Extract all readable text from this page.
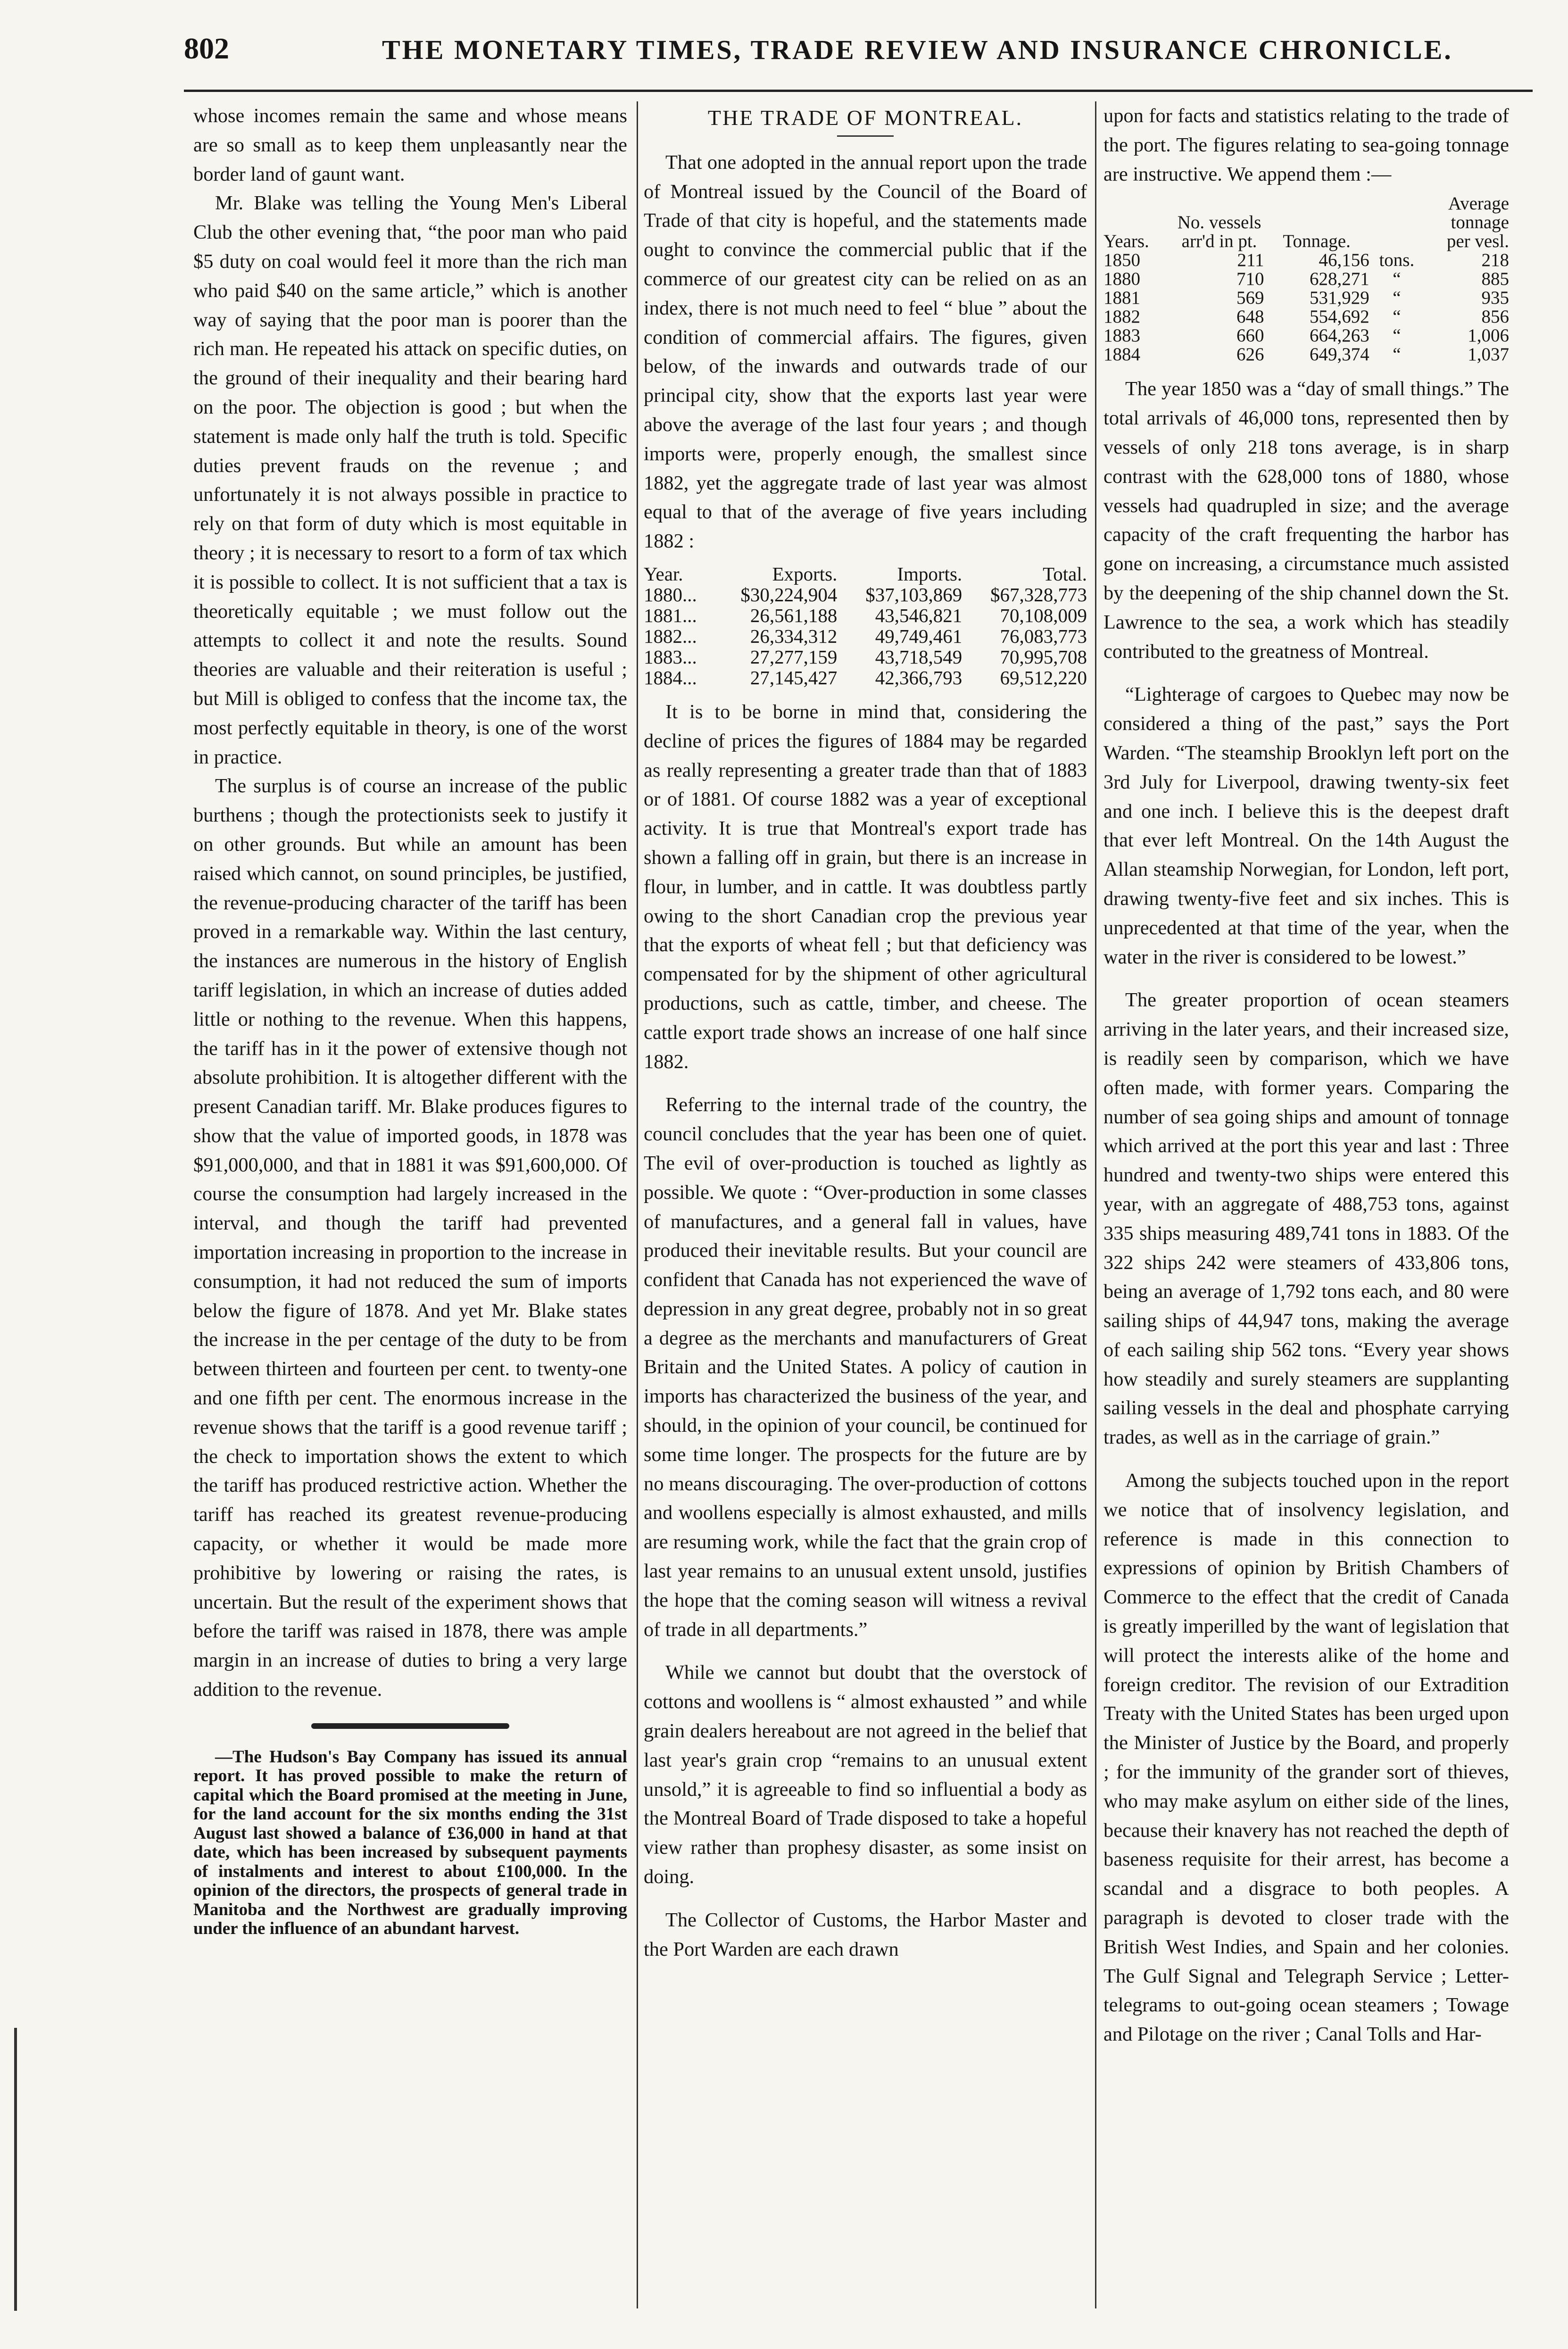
802	THE MONETARY TIMES, TRADE REVIEW AND INSURANCE CHRONICLE.

whose incomes remain the same and whose means are so small as to keep them unpleasantly near the border land of gaunt want.

Mr. Blake was telling the Young Men's Liberal Club the other evening that, “the poor man who paid $5 duty on coal would feel it more than the rich man who paid $40 on the same article,” which is another way of saying that the poor man is poorer than the rich man. He repeated his attack on specific duties, on the ground of their inequality and their bearing hard on the poor. The objection is good ; but when the statement is made only half the truth is told. Specific duties prevent frauds on the revenue ; and unfortunately it is not always possible in practice to rely on that form of duty which is most equitable in theory ; it is necessary to resort to a form of tax which it is possible to collect. It is not sufficient that a tax is theoretically equitable ; we must follow out the attempts to collect it and note the results. Sound theories are valuable and their reiteration is useful ; but Mill is obliged to confess that the income tax, the most perfectly equitable in theory, is one of the worst in practice.

The surplus is of course an increase of the public burthens ; though the protectionists seek to justify it on other grounds. But while an amount has been raised which cannot, on sound principles, be justified, the revenue-producing character of the tariff has been proved in a remarkable way. Within the last century, the instances are numerous in the history of English tariff legislation, in which an increase of duties added little or nothing to the revenue. When this happens, the tariff has in it the power of extensive though not absolute prohibition. It is altogether different with the present Canadian tariff. Mr. Blake produces figures to show that the value of imported goods, in 1878 was $91,000,000, and that in 1881 it was $91,600,000. Of course the consumption had largely increased in the interval, and though the tariff had prevented importation increasing in proportion to the increase in consumption, it had not reduced the sum of imports below the figure of 1878. And yet Mr. Blake states the increase in the per centage of the duty to be from between thirteen and fourteen per cent. to twenty-one and one fifth per cent. The enormous increase in the revenue shows that the tariff is a good revenue tariff ; the check to importation shows the extent to which the tariff has produced restrictive action. Whether the tariff has reached its greatest revenue-producing capacity, or whether it would be made more prohibitive by lowering or raising the rates, is uncertain. But the result of the experiment shows that before the tariff was raised in 1878, there was ample margin in an increase of duties to bring a very large addition to the revenue.

—The Hudson's Bay Company has issued its annual report. It has proved possible to make the return of capital which the Board promised at the meeting in June, for the land account for the six months ending the 31st August last showed a balance of £36,000 in hand at that date, which has been increased by subsequent payments of instalments and interest to about £100,000. In the opinion of the directors, the prospects of general trade in Manitoba and the Northwest are gradually improving under the influence of an abundant harvest.

THE TRADE OF MONTREAL.

That one adopted in the annual report upon the trade of Montreal issued by the Council of the Board of Trade of that city is hopeful, and the statements made ought to convince the commercial public that if the commerce of our greatest city can be relied on as an index, there is not much need to feel “ blue ” about the condition of commercial affairs. The figures, given below, of the inwards and outwards trade of our principal city, show that the exports last year were above the average of the last four years ; and though imports were, properly enough, the smallest since 1882, yet the aggregate trade of last year was almost equal to that of the average of five years including 1882 :

Year.	Exports.	Imports.	Total.
1880...	$30,224,904	$37,103,869	$67,328,773
1881...	26,561,188	43,546,821	70,108,009
1882...	26,334,312	49,749,461	76,083,773
1883...	27,277,159	43,718,549	70,995,708
1884...	27,145,427	42,366,793	69,512,220

It is to be borne in mind that, considering the decline of prices the figures of 1884 may be regarded as really representing a greater trade than that of 1883 or of 1881. Of course 1882 was a year of exceptional activity. It is true that Montreal's export trade has shown a falling off in grain, but there is an increase in flour, in lumber, and in cattle. It was doubtless partly owing to the short Canadian crop the previous year that the exports of wheat fell ; but that deficiency was compensated for by the shipment of other agricultural productions, such as cattle, timber, and cheese. The cattle export trade shows an increase of one half since 1882.

Referring to the internal trade of the country, the council concludes that the year has been one of quiet. The evil of over-production is touched as lightly as possible. We quote : “Over-production in some classes of manufactures, and a general fall in values, have produced their inevitable results. But your council are confident that Canada has not experienced the wave of depression in any great degree, probably not in so great a degree as the merchants and manufacturers of Great Britain and the United States. A policy of caution in imports has characterized the business of the year, and should, in the opinion of your council, be continued for some time longer. The prospects for the future are by no means discouraging. The over-production of cottons and woollens especially is almost exhausted, and mills are resuming work, while the fact that the grain crop of last year remains to an unusual extent unsold, justifies the hope that the coming season will witness a revival of trade in all departments.”

While we cannot but doubt that the overstock of cottons and woollens is “ almost exhausted ” and while grain dealers hereabout are not agreed in the belief that last year's grain crop “remains to an unusual extent unsold,” it is agreeable to find so influential a body as the Montreal Board of Trade disposed to take a hopeful view rather than prophesy disaster, as some insist on doing.

The Collector of Customs, the Harbor Master and the Port Warden are each drawn

upon for facts and statistics relating to the trade of the port. The figures relating to sea-going tonnage are instructive. We append them :—

Years.	No. vessels arr'd in pt.	Tonnage.		Average tonnage per vesl.
1850	211	46,156	tons.	218
1880	710	628,271	“	885
1881	569	531,929	“	935
1882	648	554,692	“	856
1883	660	664,263	“	1,006
1884	626	649,374	“	1,037

The year 1850 was a “day of small things.” The total arrivals of 46,000 tons, represented then by vessels of only 218 tons average, is in sharp contrast with the 628,000 tons of 1880, whose vessels had quadrupled in size; and the average capacity of the craft frequenting the harbor has gone on increasing, a circumstance much assisted by the deepening of the ship channel down the St. Lawrence to the sea, a work which has steadily contributed to the greatness of Montreal.

“Lighterage of cargoes to Quebec may now be considered a thing of the past,” says the Port Warden. “The steamship Brooklyn left port on the 3rd July for Liverpool, drawing twenty-six feet and one inch. I believe this is the deepest draft that ever left Montreal. On the 14th August the Allan steamship Norwegian, for London, left port, drawing twenty-five feet and six inches. This is unprecedented at that time of the year, when the water in the river is considered to be lowest.”

The greater proportion of ocean steamers arriving in the later years, and their increased size, is readily seen by comparison, which we have often made, with former years. Comparing the number of sea going ships and amount of tonnage which arrived at the port this year and last : Three hundred and twenty-two ships were entered this year, with an aggregate of 488,753 tons, against 335 ships measuring 489,741 tons in 1883. Of the 322 ships 242 were steamers of 433,806 tons, being an average of 1,792 tons each, and 80 were sailing ships of 44,947 tons, making the average of each sailing ship 562 tons. “Every year shows how steadily and surely steamers are supplanting sailing vessels in the deal and phosphate carrying trades, as well as in the carriage of grain.”

Among the subjects touched upon in the report we notice that of insolvency legislation, and reference is made in this connection to expressions of opinion by British Chambers of Commerce to the effect that the credit of Canada is greatly imperilled by the want of legislation that will protect the interests alike of the home and foreign creditor. The revision of our Extradition Treaty with the United States has been urged upon the Minister of Justice by the Board, and properly ; for the immunity of the grander sort of thieves, who may make asylum on either side of the lines, because their knavery has not reached the depth of baseness requisite for their arrest, has become a scandal and a disgrace to both peoples. A paragraph is devoted to closer trade with the British West Indies, and Spain and her colonies. The Gulf Signal and Telegraph Service ; Letter-telegrams to out-going ocean steamers ; Towage and Pilotage on the river ; Canal Tolls and Har-
